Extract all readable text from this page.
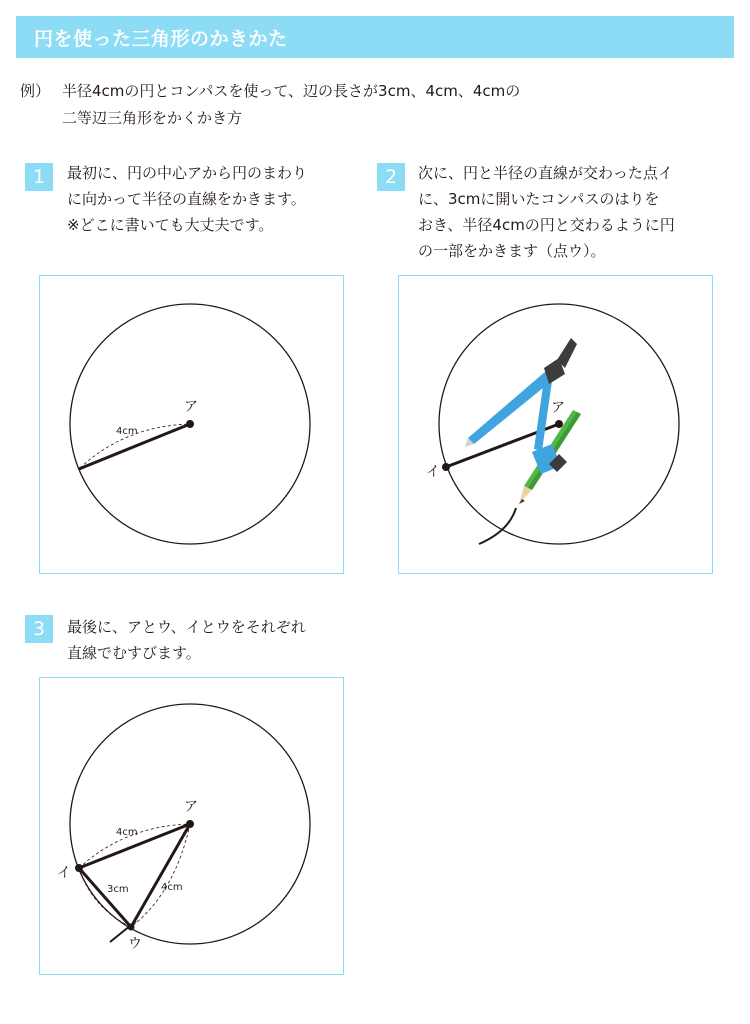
円を使った三角形のかきかた
例） 半径4cmの円とコンパスを使って、辺の長さが3cm、4cm、4cmの
二等辺三角形をかくかき方
1	最初に、円の中心アから円のまわり
に向かって半径の直線をかきます。
※どこに書いても大丈夫です。
2	次に、円と半径の直線が交わった点イ
に、3cmに開いたコンパスのはりを
おき、半径4cmの円と交わるように円
の一部をかきます（点ウ）。
3	最後に、アとウ、イとウをそれぞれ
直線でむすびます。
ア
4cm
ア
イ
ア
イ
ウ
4cm
3cm	4cm
